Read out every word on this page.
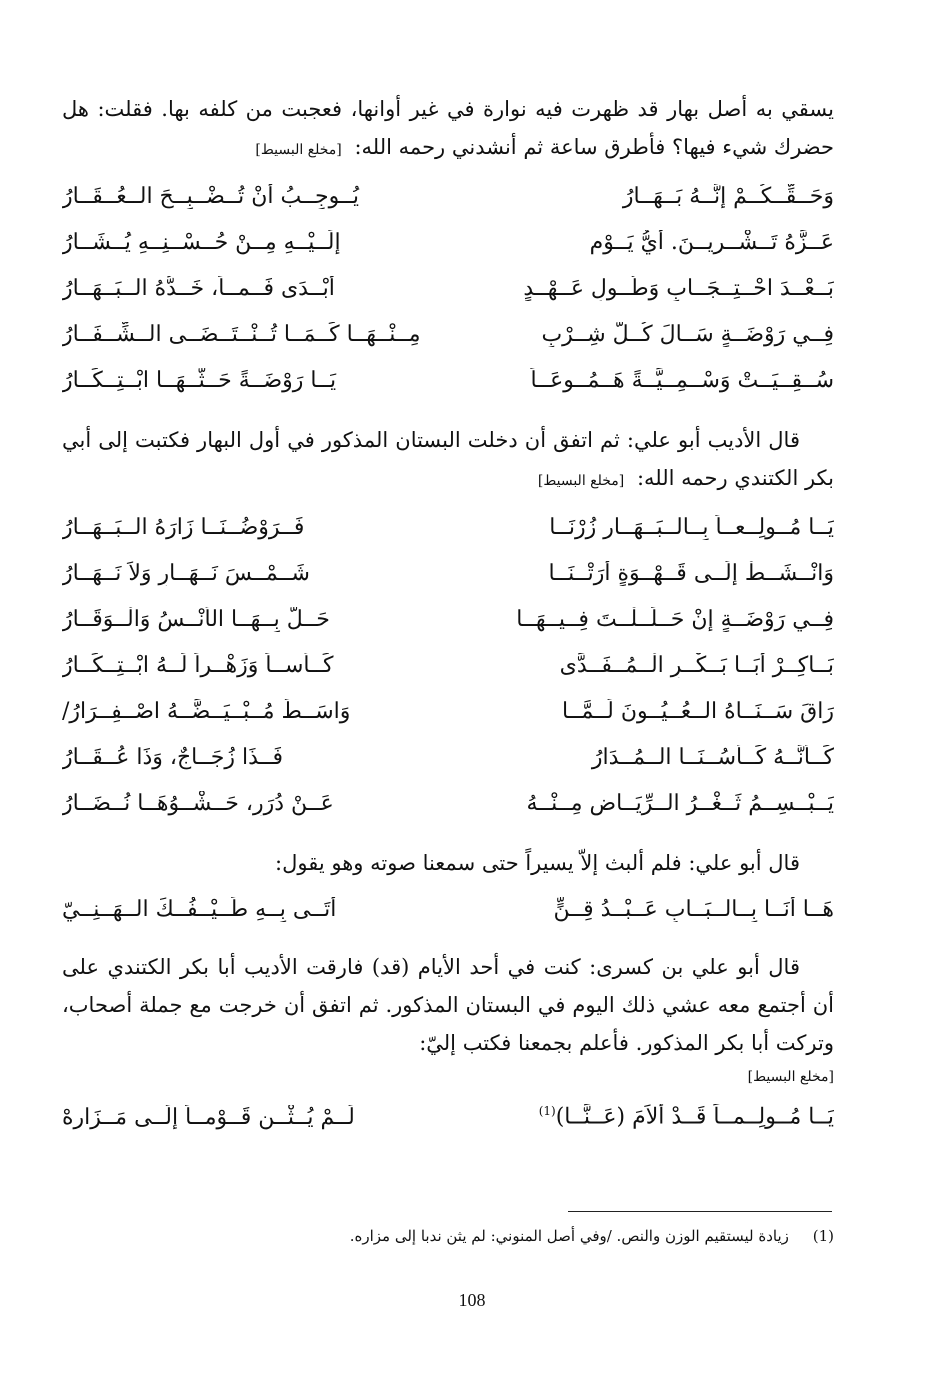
يسقي به أصل بهار قد ظهرت فيه نوارة في غير أوانها، فعجبت من كلفه بها. فقلت: هل حضرك شيء فيها؟ فأطرق ساعة ثم أنشدني رحمه الله: [مخلع البسيط]

وَحَــقِّــكُــمْ إِنَّــهُ بَــهَــارُ
يُــوجِــبُ أَنْ تُــضْــبِــحَ الــعُــقَــارُ
عَــزَّهُ تَــشْــرِيــنَ. أَيُّ يَــوْمٍ
إِلَــيْــهِ مِــنْ حُــسْــنِــهِ يُــشَــارُ
بَــعْــدَ احْــتِــجَــابٍ وَطُــولِ عَــهْــدٍ
أَبْــدَى فَــمــاً، خَــدُّهُ الــبَــهَــارُ
فِــي رَوْضَــةٍ سَــالَ كُــلُّ شِــرْبٍ
مِــنْــهَــا كَــمَــا تُــنْــتَــضَــى الــشِّــفَــارُ
سُــقِــيَــتْ وَسْــمِــيَّــةً هَــمُــوعَــاً
يَــا رَوْضَــةً حَــثَّــهَــا ابْــتِــكَــارُ

قال الأديب أبو علي: ثم اتفق أن دخلت البستان المذكور في أول البهار فكتبت إلى أبي بكر الكتندي رحمه الله: [مخلع البسيط]

يَــا مُــولِــعــاً بِــالــبَــهَــارِ زُرْنَــا
فَــرَوْضُــنَــا زَارَهُ الــبَــهَــارُ
وَانْــشَــطْ إِلَــى قَــهْــوَةٍ أَرَتْــنَــا
شَــمْــسَ نَــهَــارٍ وَلاَ نَــهَــارُ
فِــي رَوْضَــةٍ إِنْ حَــلَــلْــتَ فِــيــهَــا
حَــلَّ بِــهَــا الأُنْــسُ وَالْــوَقَــارُ
بَــاكِــرْ أَبَــا بَــكْــرٍ الْــمُــفَــدَّى
كَــأْســاً وَزَهْــراً لَــهُ ابْــتِــكَــارُ
رَاقَ سَــنَــاهُ الــعُــيُــونَ لَــمَّــا
وَاسَــطَ مُــبْــيَــضَّــهُ اصْــفِــرَارُ/
كَــأَنَّــهُ كَــأْسُــنَــا الــمُــدَارُ
فَــذَا زُجَــاجٌ، وَذَا عُــقَــارُ
يَــبْــسِــمُ ثَــغْــرُ الــرِّيَــاضِ مِــنْــهُ
عَــنْ دُرَرٍ، حَــشْــوُهَــا نُــضَــارُ

قال أبو علي: فلم ألبث إلاّ يسيراً حتى سمعنا صوته وهو يقول:

هَــا أَنَــا بِــالــبَــابِ عَــبْــدُ قِــنٍّ
أَتَــى بِــهِ طَــيْــفُــكَ الــهَــنِــيّ

قال أبو علي بن كسرى: كنت في أحد الأيام (قد) فارقت الأديب أبا بكر الكتندي على أن أجتمع معه عشي ذلك اليوم في البستان المذكور. ثم اتفق أن خرجت مع جملة أصحاب، وتركت أبا بكر المذكور. فأعلم بجمعنا فكتب إليّ:

[مخلع البسيط]
يَــا مُــولِــمــاً قَــدْ أَلاَمَ (عَــنَّــا)$^{(1)}$
لَــمْ يُــثْــنِ قَــوْمــاً إِلَــى مَــزَارِهْ
(1)     زيادة ليستقيم الوزن والنص. /وفي أصل المنوني: لم يثن ندبا إلى مزاره.
108
